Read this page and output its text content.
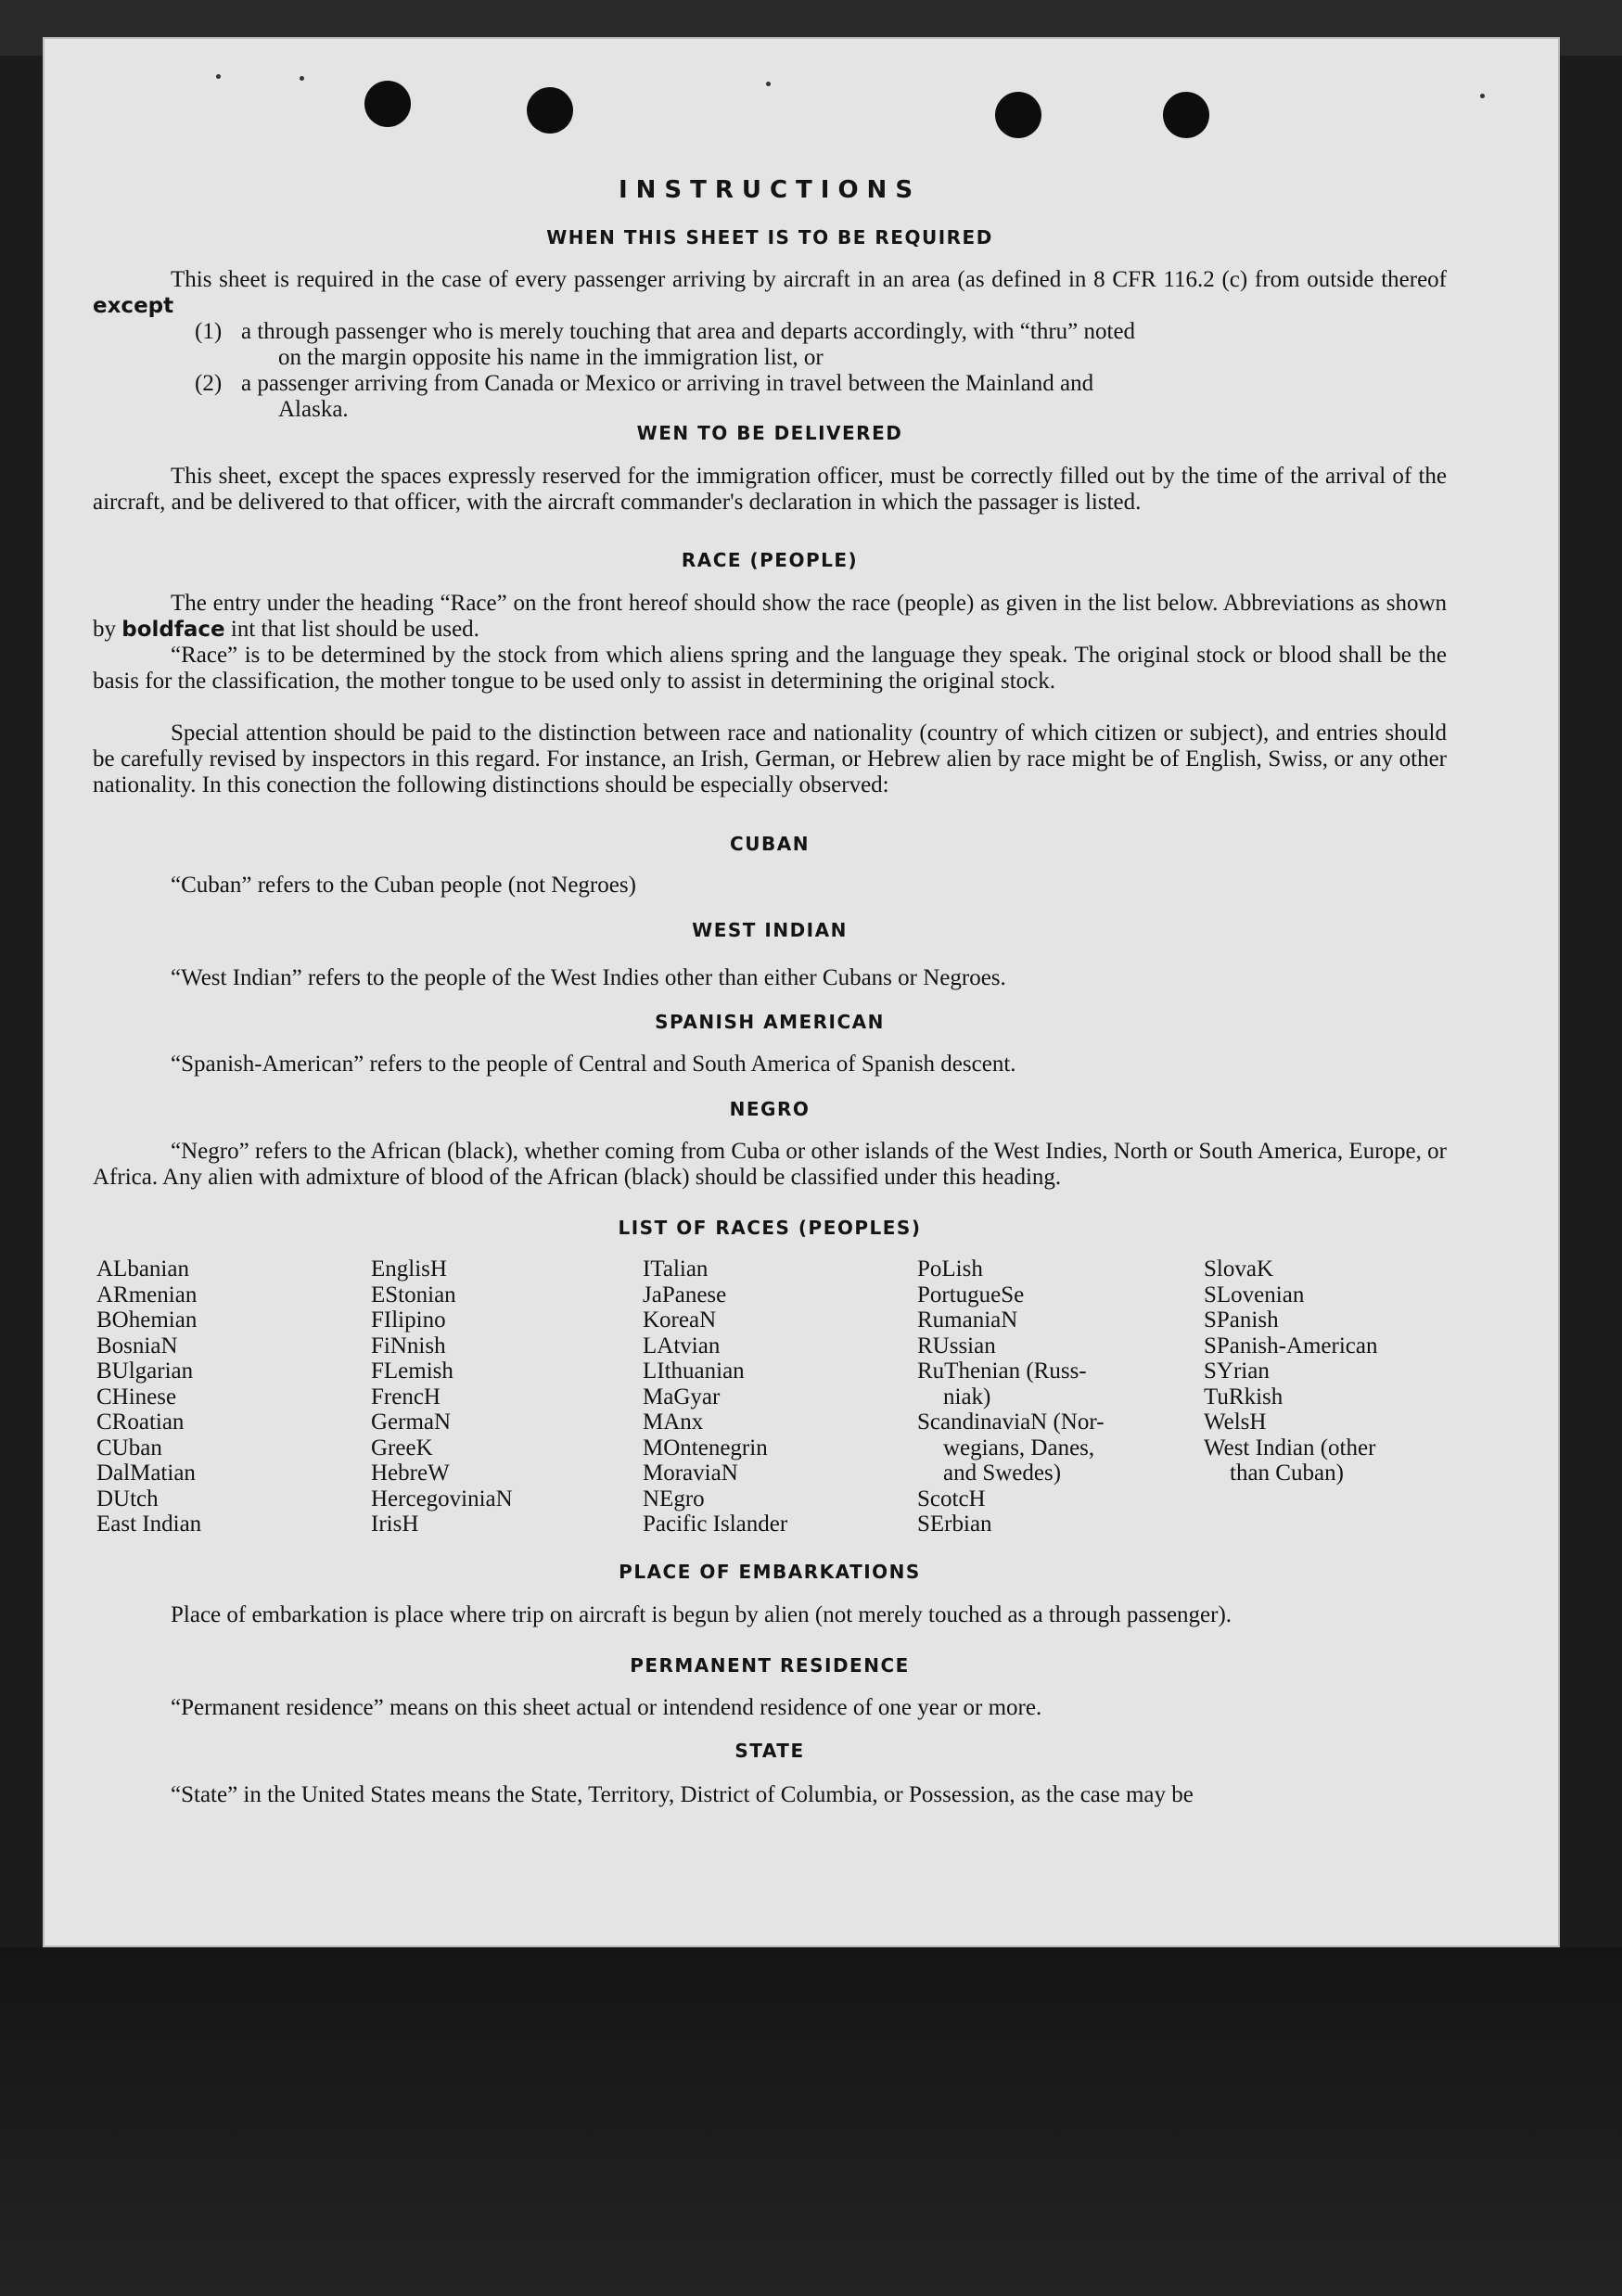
INSTRUCTIONS
WHEN THIS SHEET IS TO BE REQUIRED
This sheet is required in the case of every passenger arriving by aircraft in an area (as defined in 8 CFR 116.2 (c) from outside thereof except
(1) a through passenger who is merely touching that area and departs accordingly, with “thru” noted
on the margin opposite his name in the immigration list, or
(2) a passenger arriving from Canada or Mexico or arriving in travel between the Mainland and
Alaska.
WEN TO BE DELIVERED
This sheet, except the spaces expressly reserved for the immigration officer, must be correctly filled out by the time of the arrival of the aircraft, and be delivered to that officer, with the aircraft commander's declaration in which the passager is listed.
RACE (PEOPLE)
The entry under the heading “Race” on the front hereof should show the race (people) as given in the list below. Abbreviations as shown by boldface int that list should be used.
“Race” is to be determined by the stock from which aliens spring and the language they speak. The original stock or blood shall be the basis for the classification, the mother tongue to be used only to assist in determining the original stock.
Special attention should be paid to the distinction between race and nationality (country of which citizen or subject), and entries should be carefully revised by inspectors in this regard. For instance, an Irish, German, or Hebrew alien by race might be of English, Swiss, or any other nationality. In this conection the following distinctions should be especially observed:
CUBAN
“Cuban” refers to the Cuban people (not Negroes)
WEST INDIAN
“West Indian” refers to the people of the West Indies other than either Cubans or Negroes.
SPANISH AMERICAN
“Spanish-American” refers to the people of Central and South America of Spanish descent.
NEGRO
“Negro” refers to the African (black), whether coming from Cuba or other islands of the West Indies, North or South America, Europe, or Africa. Any alien with admixture of blood of the African (black) should be classified under this heading.
LIST OF RACES (PEOPLES)
ALbanian
ARmenian
BOhemian
BosniaN
BUlgarian
CHinese
CRoatian
CUban
DalMatian
DUtch
East Indian
EnglisH
EStonian
FIlipino
FiNnish
FLemish
FrencH
GermaN
GreeK
HebreW
HercegoviniaN
IrisH
ITalian
JaPanese
KoreaN
LAtvian
LIthuanian
MaGyar
MAnx
MOntenegrin
MoraviaN
NEgro
Pacific Islander
PoLish
PortugueSe
RumaniaN
RUssian
RuThenian (Russ-
niak)
ScandinaviaN (Nor-
wegians, Danes,
and Swedes)
ScotcH
SErbian
SlovaK
SLovenian
SPanish
SPanish-American
SYrian
TuRkish
WelsH
West Indian (other
than Cuban)
PLACE OF EMBARKATIONS
Place of embarkation is place where trip on aircraft is begun by alien (not merely touched as a through passenger).
PERMANENT RESIDENCE
“Permanent residence” means on this sheet actual or intendend residence of one year or more.
STATE
“State” in the United States means the State, Territory, District of Columbia, or Possession, as the case may be
